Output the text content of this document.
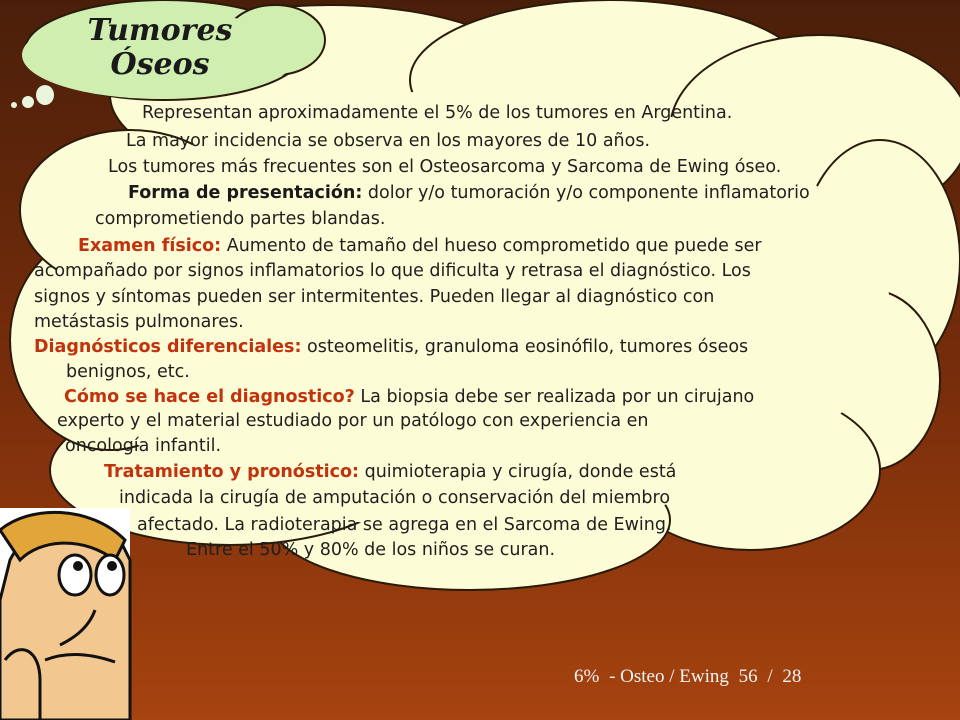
Tumores
Óseos
Representan aproximadamente el 5% de los tumores en Argentina.
La mayor incidencia se observa en los mayores de 10 años.
Los tumores más frecuentes son el Osteosarcoma y Sarcoma de Ewing óseo.
Forma de presentación: dolor y/o tumoración y/o componente inflamatorio
comprometiendo partes blandas.
Examen físico: Aumento de tamaño del hueso comprometido que puede ser
acompañado por signos inflamatorios lo que dificulta y retrasa el diagnóstico. Los
signos y síntomas pueden ser intermitentes. Pueden llegar al diagnóstico con
metástasis pulmonares.
Diagnósticos diferenciales: osteomelitis, granuloma eosinófilo, tumores óseos
benignos, etc.
Cómo se hace el diagnostico? La biopsia debe ser realizada por un cirujano
experto y el material estudiado por un patólogo con experiencia en
oncología infantil.
Tratamiento y pronóstico: quimioterapia y cirugía, donde está
indicada la cirugía de amputación o conservación del miembro
afectado. La radioterapia se agrega en el Sarcoma de Ewing.
Entre el 50% y 80% de los niños se curan.
6% - Osteo / Ewing 56 / 28
